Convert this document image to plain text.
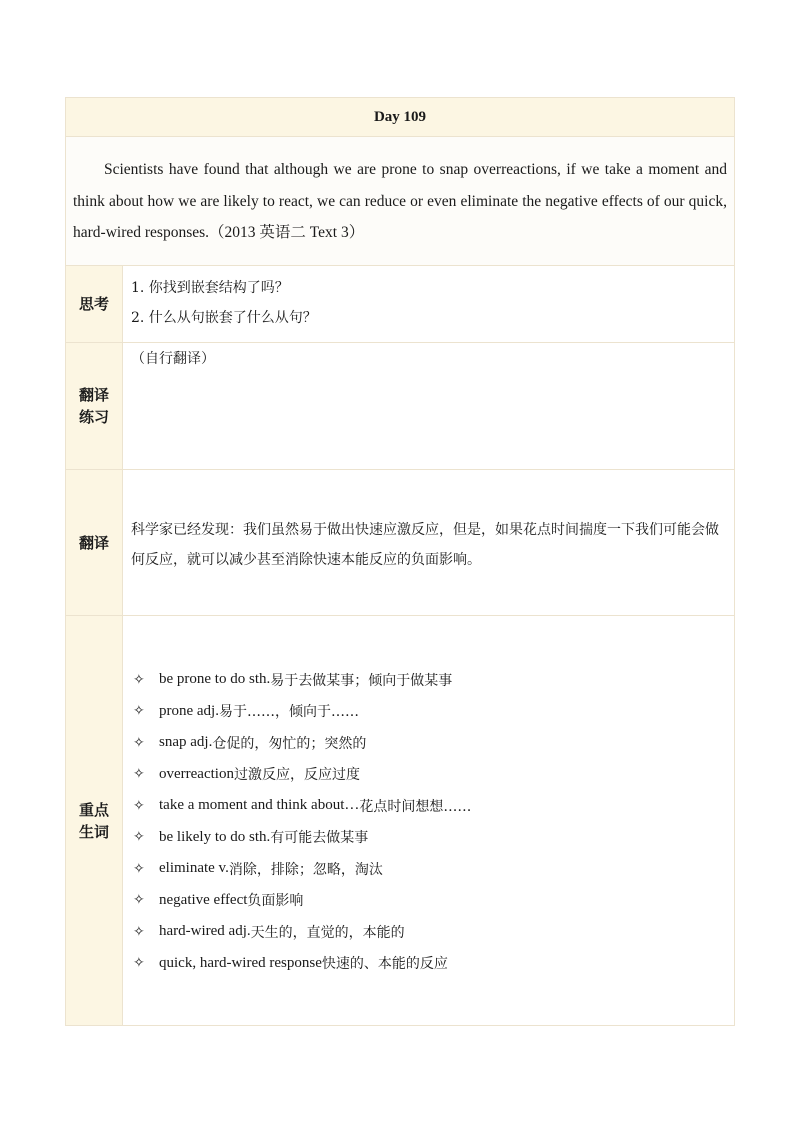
Day 109
Scientists have found that although we are prone to snap overreactions, if we take a moment and think about how we are likely to react, we can reduce or even eliminate the negative effects of our quick, hard-wired responses.（2013 英语二 Text 3）
思考
1. 你找到嵌套结构了吗？
2. 什么从句嵌套了什么从句？
翻译
练习
（自行翻译）
翻译
科学家已经发现：我们虽然易于做出快速应激反应，但是，如果花点时间揣度一下我们可能会做何反应，就可以减少甚至消除快速本能反应的负面影响。
重点
生词
✧ be prone to do sth. 易于去做某事；倾向于做某事
✧ prone adj. 易于……，倾向于……
✧ snap adj. 仓促的，匆忙的；突然的
✧ overreaction 过激反应，反应过度
✧ take a moment and think about… 花点时间想想……
✧ be likely to do sth. 有可能去做某事
✧ eliminate v. 消除，排除；忽略，淘汰
✧ negative effect 负面影响
✧ hard-wired adj. 天生的，直觉的，本能的
✧ quick, hard-wired response 快速的、本能的反应
